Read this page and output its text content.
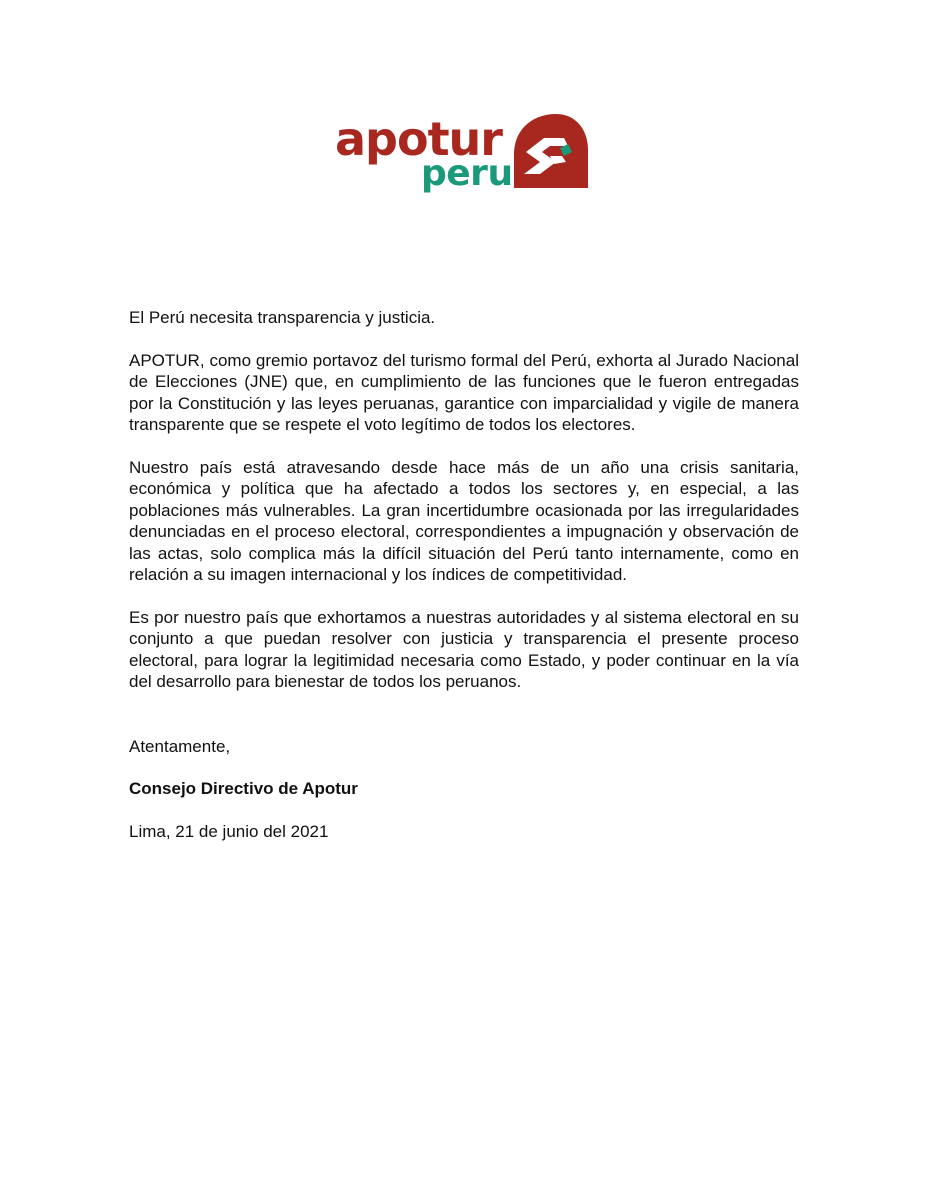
apotur
peru

El Perú necesita transparencia y justicia.

APOTUR, como gremio portavoz del turismo formal del Perú, exhorta al Jurado Nacional de Elecciones (JNE) que, en cumplimiento de las funciones que le fueron entregadas por la Constitución y las leyes peruanas, garantice con imparcialidad y vigile de manera transparente que se respete el voto legítimo de todos los electores.

Nuestro país está atravesando desde hace más de un año una crisis sanitaria, económica y política que ha afectado a todos los sectores y, en especial, a las poblaciones más vulnerables. La gran incertidumbre ocasionada por las irregularidades denunciadas en el proceso electoral, correspondientes a impugnación y observación de las actas, solo complica más la difícil situación del Perú tanto internamente, como en relación a su imagen internacional y los índices de competitividad.

Es por nuestro país que exhortamos a nuestras autoridades y al sistema electoral en su conjunto a que puedan resolver con justicia y transparencia el presente proceso electoral, para lograr la legitimidad necesaria como Estado, y poder continuar en la vía del desarrollo para bienestar de todos los peruanos.

Atentamente,

Consejo Directivo de Apotur

Lima, 21 de junio del 2021
